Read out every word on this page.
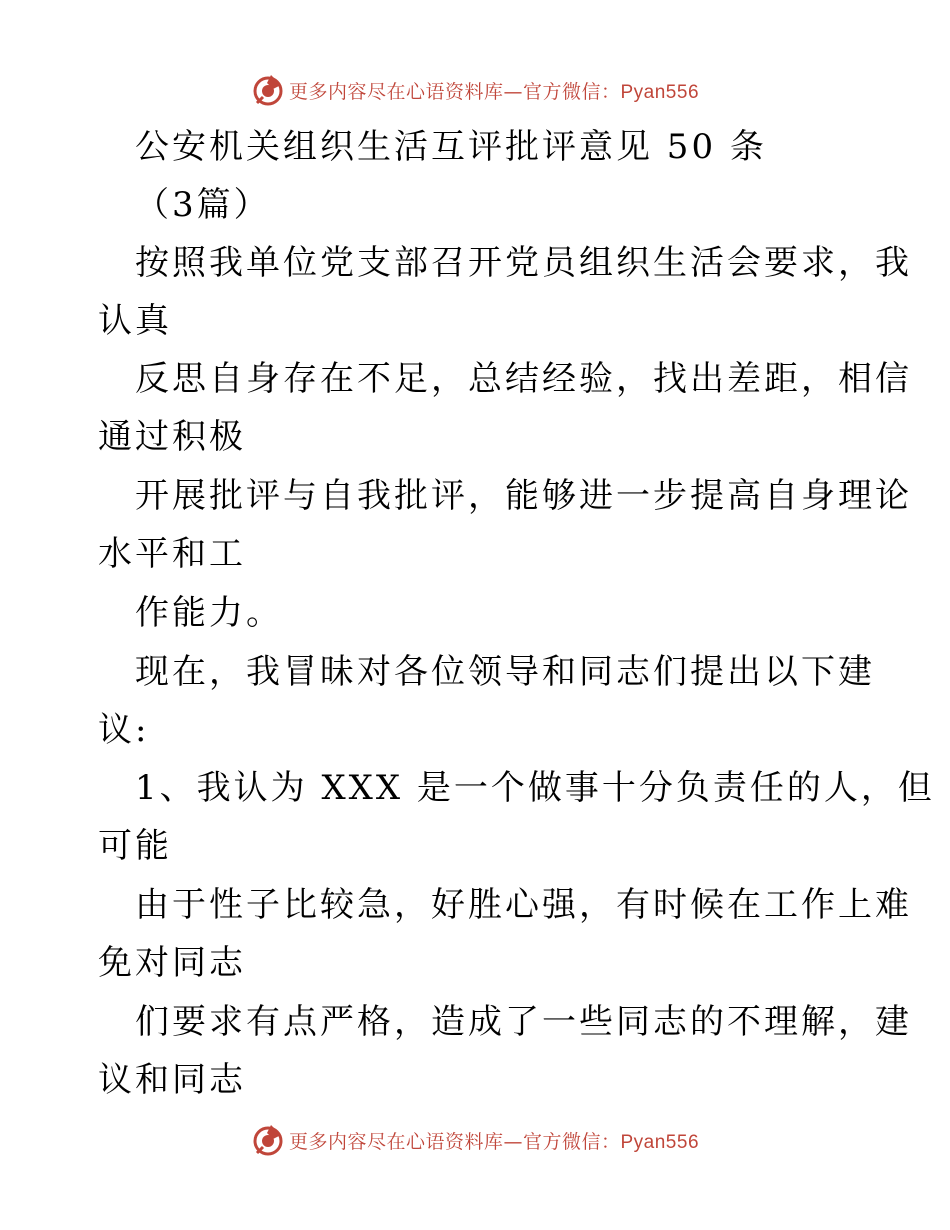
更多内容尽在心语资料库—官方微信：Pyan556
公安机关组织生活互评批评意见 50 条
（3篇）
按照我单位党支部召开党员组织生活会要求，我
认真
反思自身存在不足，总结经验，找出差距，相信
通过积极
开展批评与自我批评，能够进一步提高自身理论
水平和工
作能力。
现在，我冒昧对各位领导和同志们提出以下建
议:
1、我认为 XXX 是一个做事十分负责任的人，但
可能
由于性子比较急，好胜心强，有时候在工作上难
免对同志
们要求有点严格，造成了一些同志的不理解，建
议和同志
更多内容尽在心语资料库—官方微信：Pyan556
